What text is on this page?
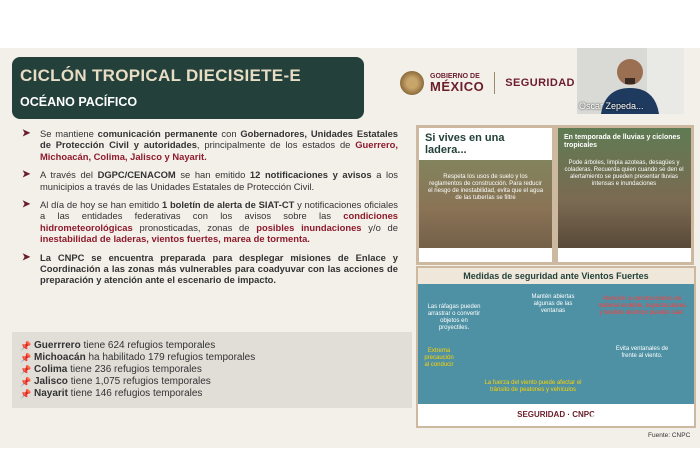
CICLÓN TROPICAL DIECISIETE-E
OCÉANO PACÍFICO
GOBIERNO DE
MÉXICO SEGURIDAD
➤ Se mantiene comunicación permanente con Gobernadores, Unidades Estatales de Protección Civil y autoridades, principalmente de los estados de Guerrero, Michoacán, Colima, Jalisco y Nayarit.
➤ A través del DGPC/CENACOM se han emitido 12 notificaciones y avisos a los municipios a través de las Unidades Estatales de Protección Civil.
➤ Al día de hoy se han emitido 1 boletín de alerta de SIAT-CT y notificaciones oficiales a las entidades federativas con los avisos sobre las condiciones hidrometeorológicas pronosticadas, zonas de posibles inundaciones y/o de inestabilidad de laderas, vientos fuertes, marea de tormenta.
➤ La CNPC se encuentra preparada para desplegar misiones de Enlace y Coordinación a las zonas más vulnerables para coadyuvar con las acciones de preparación y atención ante el escenario de impacto.
📌 Guerrrero tiene 624 refugios temporales
📌 Michoacán ha habilitado 179 refugios temporales
📌 Colima tiene 236 refugios temporales
📌 Jalisco tiene 1,075 refugios temporales
📌 Nayarit tiene 146 refugios temporales
Si vives en una ladera...
Respeta los usos de suelo y los reglamentos de construcción. Para reducir el riesgo de inestabilidad, evita que el agua de las tuberías se filtre
En temporada de lluvias y ciclones tropicales
Pode árboles, limpia azoteas, desagües y coladeras. Recuerda quien cuando se den el alertamiento se pueden presentar lluvias intensas e inundaciones
Medidas de seguridad ante Vientos Fuertes
Las ráfagas pueden arrastrar o convertir objetos en proyectiles.
Mantén abiertas algunas de las ventanas
Atención a construcciones de material endeble, espectaculares y tendido eléctrico pueden caer.
Evita ventanales de frente al viento.
Extrema precaución al conducir
La fuerza del viento puede afectar el tránsito de peatones y vehículos
SEGURIDAD · CNPC
Oscar Zepeda...
zoom
Fuente: CNPC
